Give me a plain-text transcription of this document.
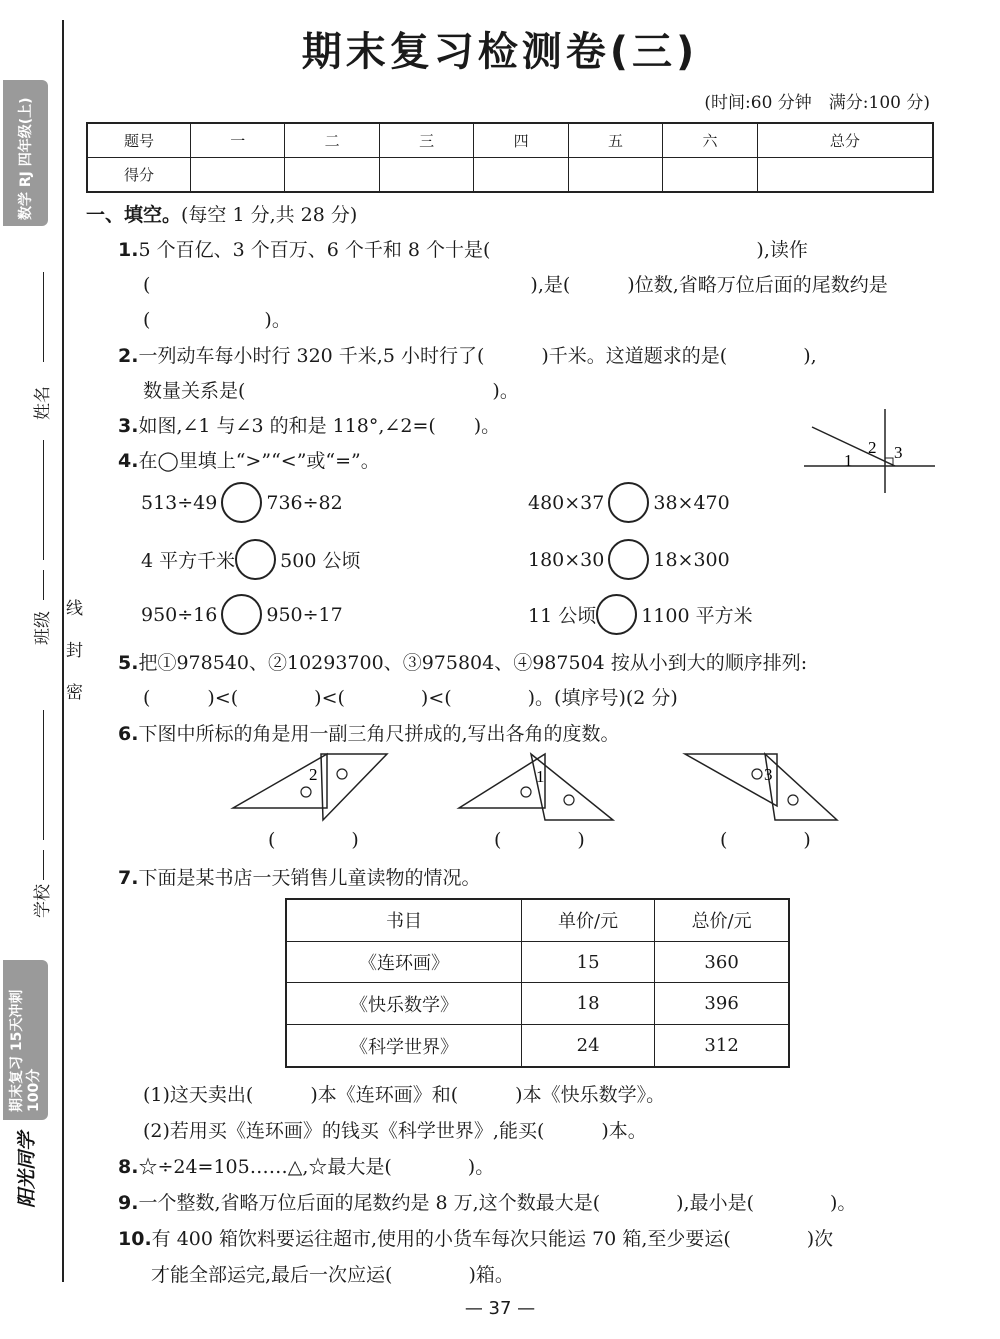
数学 RJ 四年级(上)
期末复习 15天冲刺100分
阳光同学
姓名
班级
学校
线
封
密
期末复习检测卷(三)
(时间:60 分钟　满分:100 分)
题号	一	二	三	四	五	六	总分
得分							
一、填空。(每空 1 分,共 28 分)
1.5 个百亿、3 个百万、6 个千和 8 个十是(　　　　　　　　　　　　　　),读作
(　　　　　　　　　　　　　　　　　　　　),是(　　　)位数,省略万位后面的尾数约是
(　　　　　　)。
2.一列动车每小时行 320 千米,5 小时行了(　　　)千米。这道题求的是(　　　　),
数量关系是(　　　　　　　　　　　　　)。
3.如图,∠1 与∠3 的和是 118°,∠2=(　　)。
1
2 3
4.在◯里填上“>”“<”或“=”。
513÷49	736÷82	480×37	38×470
4 平方千米 500 公顷	180×30	18×300
950÷16	950÷17	11 公顷 1100 平方米
5.把①978540、②10293700、③975804、④987504 按从小到大的顺序排列:
(　　　)<(　　　　)<(　　　　)<(　　　　)。(填序号)(2 分)
6.下图中所标的角是用一副三角尺拼成的,写出各角的度数。
2	1	3
(　　　　)	(　　　　)	(　　　　)
7.下面是某书店一天销售儿童读物的情况。
书目	单价/元	总价/元
《连环画》	15	360
《快乐数学》	18	396
《科学世界》	24	312
(1)这天卖出(　　　)本《连环画》和(　　　)本《快乐数学》。
(2)若用买《连环画》的钱买《科学世界》,能买(　　　)本。
8.☆÷24=105……△,☆最大是(　　　　)。
9.一个整数,省略万位后面的尾数约是 8 万,这个数最大是(　　　　),最小是(　　　　)。
10.有 400 箱饮料要运往超市,使用的小货车每次只能运 70 箱,至少要运(　　　　)次
才能全部运完,最后一次应运(　　　　)箱。
— 37 —
